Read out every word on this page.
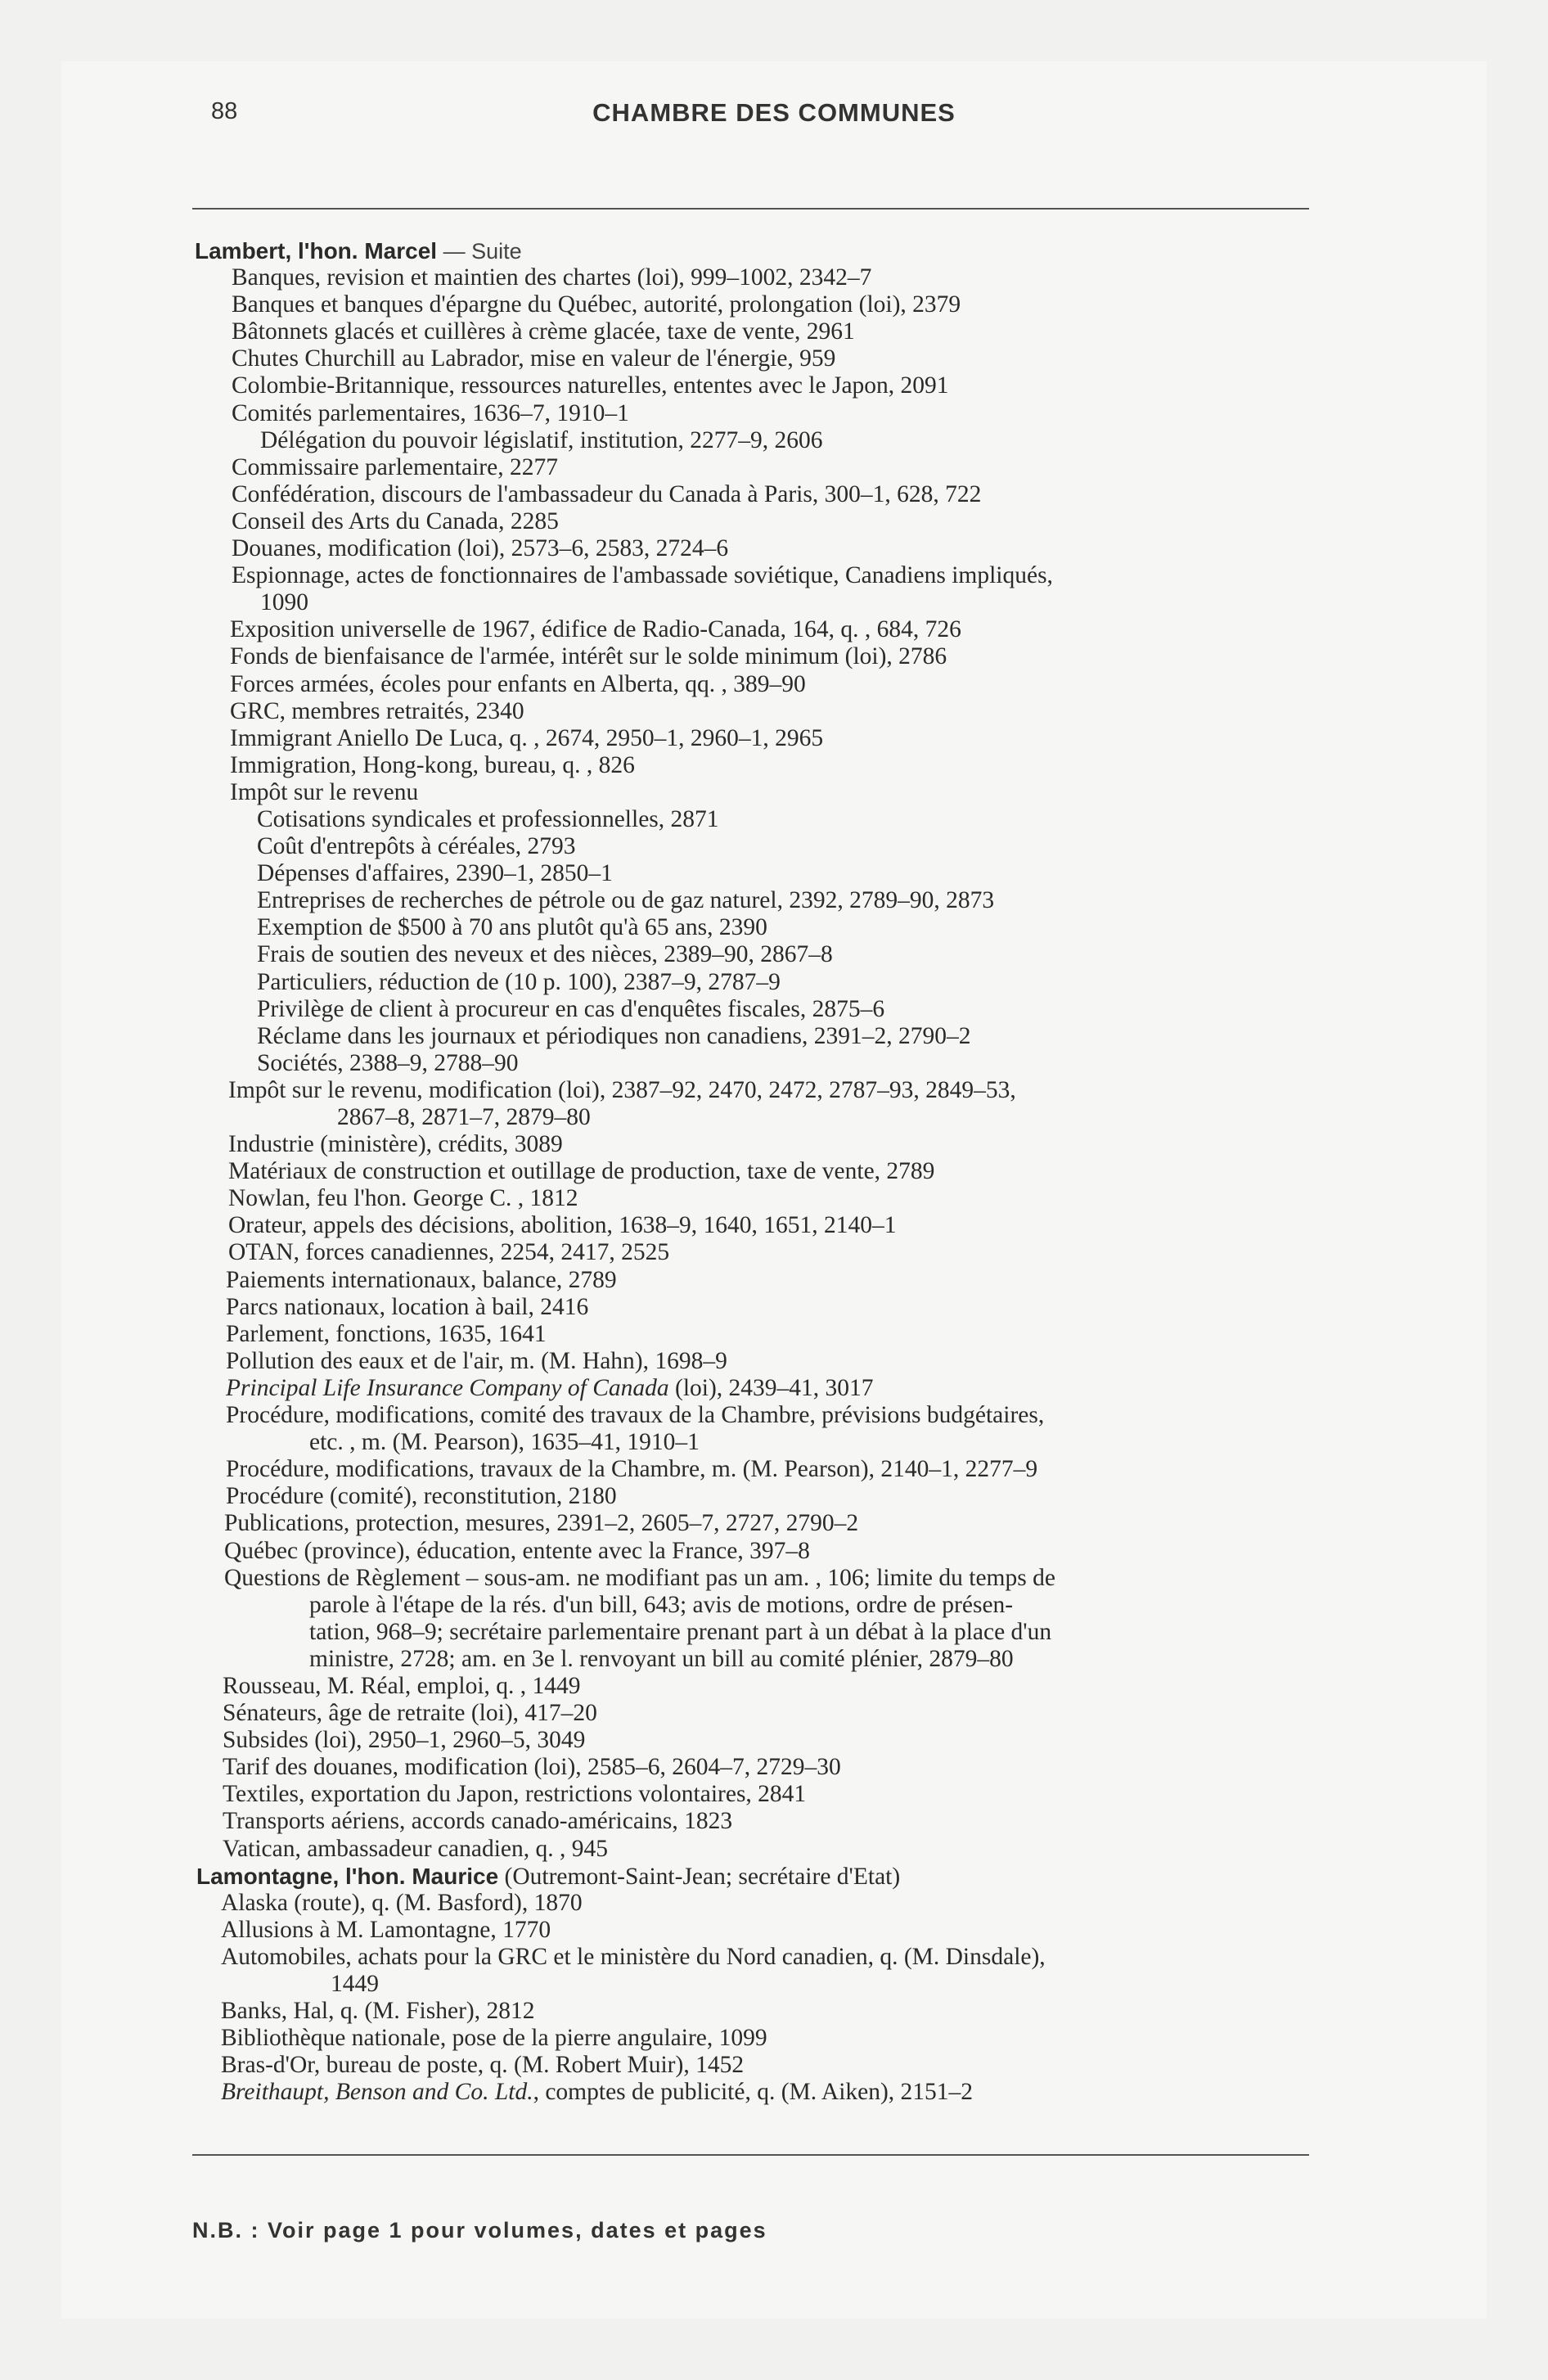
88	CHAMBRE DES COMMUNES
Lambert, l'hon. Marcel — Suite
Banques, revision et maintien des chartes (loi), 999–1002, 2342–7
Banques et banques d'épargne du Québec, autorité, prolongation (loi), 2379
Bâtonnets glacés et cuillères à crème glacée, taxe de vente, 2961
Chutes Churchill au Labrador, mise en valeur de l'énergie, 959
Colombie-Britannique, ressources naturelles, ententes avec le Japon, 2091
Comités parlementaires, 1636–7, 1910–1
Délégation du pouvoir législatif, institution, 2277–9, 2606
Commissaire parlementaire, 2277
Confédération, discours de l'ambassadeur du Canada à Paris, 300–1, 628, 722
Conseil des Arts du Canada, 2285
Douanes, modification (loi), 2573–6, 2583, 2724–6
Espionnage, actes de fonctionnaires de l'ambassade soviétique, Canadiens impliqués,
1090
Exposition universelle de 1967, édifice de Radio-Canada, 164, q. , 684, 726
Fonds de bienfaisance de l'armée, intérêt sur le solde minimum (loi), 2786
Forces armées, écoles pour enfants en Alberta, qq. , 389–90
GRC, membres retraités, 2340
Immigrant Aniello De Luca, q. , 2674, 2950–1, 2960–1, 2965
Immigration, Hong-kong, bureau, q. , 826
Impôt sur le revenu
Cotisations syndicales et professionnelles, 2871
Coût d'entrepôts à céréales, 2793
Dépenses d'affaires, 2390–1, 2850–1
Entreprises de recherches de pétrole ou de gaz naturel, 2392, 2789–90, 2873
Exemption de $500 à 70 ans plutôt qu'à 65 ans, 2390
Frais de soutien des neveux et des nièces, 2389–90, 2867–8
Particuliers, réduction de (10 p. 100), 2387–9, 2787–9
Privilège de client à procureur en cas d'enquêtes fiscales, 2875–6
Réclame dans les journaux et périodiques non canadiens, 2391–2, 2790–2
Sociétés, 2388–9, 2788–90
Impôt sur le revenu, modification (loi), 2387–92, 2470, 2472, 2787–93, 2849–53,
2867–8, 2871–7, 2879–80
Industrie (ministère), crédits, 3089
Matériaux de construction et outillage de production, taxe de vente, 2789
Nowlan, feu l'hon. George C. , 1812
Orateur, appels des décisions, abolition, 1638–9, 1640, 1651, 2140–1
OTAN, forces canadiennes, 2254, 2417, 2525
Paiements internationaux, balance, 2789
Parcs nationaux, location à bail, 2416
Parlement, fonctions, 1635, 1641
Pollution des eaux et de l'air, m. (M. Hahn), 1698–9
Principal Life Insurance Company of Canada (loi), 2439–41, 3017
Procédure, modifications, comité des travaux de la Chambre, prévisions budgétaires,
etc. , m. (M. Pearson), 1635–41, 1910–1
Procédure, modifications, travaux de la Chambre, m. (M. Pearson), 2140–1, 2277–9
Procédure (comité), reconstitution, 2180
Publications, protection, mesures, 2391–2, 2605–7, 2727, 2790–2
Québec (province), éducation, entente avec la France, 397–8
Questions de Règlement – sous-am. ne modifiant pas un am. , 106; limite du temps de
parole à l'étape de la rés. d'un bill, 643; avis de motions, ordre de présen-
tation, 968–9; secrétaire parlementaire prenant part à un débat à la place d'un
ministre, 2728; am. en 3e l. renvoyant un bill au comité plénier, 2879–80
Rousseau, M. Réal, emploi, q. , 1449
Sénateurs, âge de retraite (loi), 417–20
Subsides (loi), 2950–1, 2960–5, 3049
Tarif des douanes, modification (loi), 2585–6, 2604–7, 2729–30
Textiles, exportation du Japon, restrictions volontaires, 2841
Transports aériens, accords canado-américains, 1823
Vatican, ambassadeur canadien, q. , 945
Lamontagne, l'hon. Maurice (Outremont-Saint-Jean; secrétaire d'Etat)
Alaska (route), q. (M. Basford), 1870
Allusions à M. Lamontagne, 1770
Automobiles, achats pour la GRC et le ministère du Nord canadien, q. (M. Dinsdale),
1449
Banks, Hal, q. (M. Fisher), 2812
Bibliothèque nationale, pose de la pierre angulaire, 1099
Bras-d'Or, bureau de poste, q. (M. Robert Muir), 1452
Breithaupt, Benson and Co. Ltd., comptes de publicité, q. (M. Aiken), 2151–2
N.B. : Voir page 1 pour volumes, dates et pages
